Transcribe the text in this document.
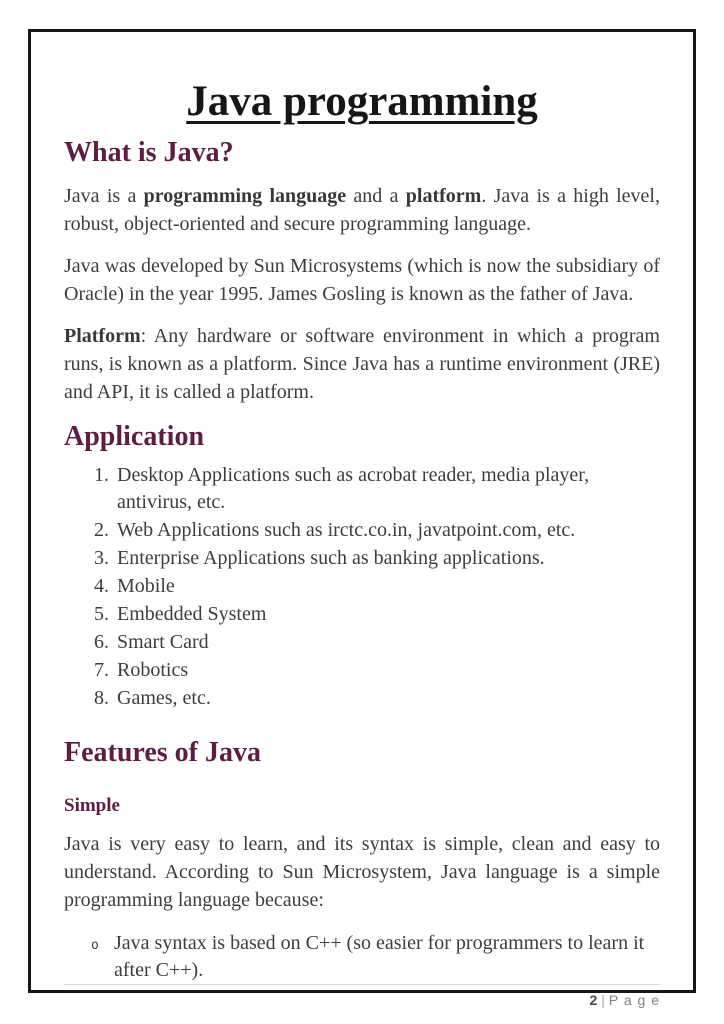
Java programming
What is Java?

Java is a programming language and a platform. Java is a high level, robust, object-oriented and secure programming language.

Java was developed by Sun Microsystems (which is now the subsidiary of Oracle) in the year 1995. James Gosling is known as the father of Java.

Platform: Any hardware or software environment in which a program runs, is known as a platform. Since Java has a runtime environment (JRE) and API, it is called a platform.

Application
1. Desktop Applications such as acrobat reader, media player, antivirus, etc.
2. Web Applications such as irctc.co.in, javatpoint.com, etc.
3. Enterprise Applications such as banking applications.
4. Mobile
5. Embedded System
6. Smart Card
7. Robotics
8. Games, etc.
Features of Java
Simple

Java is very easy to learn, and its syntax is simple, clean and easy to understand. According to Sun Microsystem, Java language is a simple programming language because:

o Java syntax is based on C++ (so easier for programmers to learn it after C++).
2 | P a g e
